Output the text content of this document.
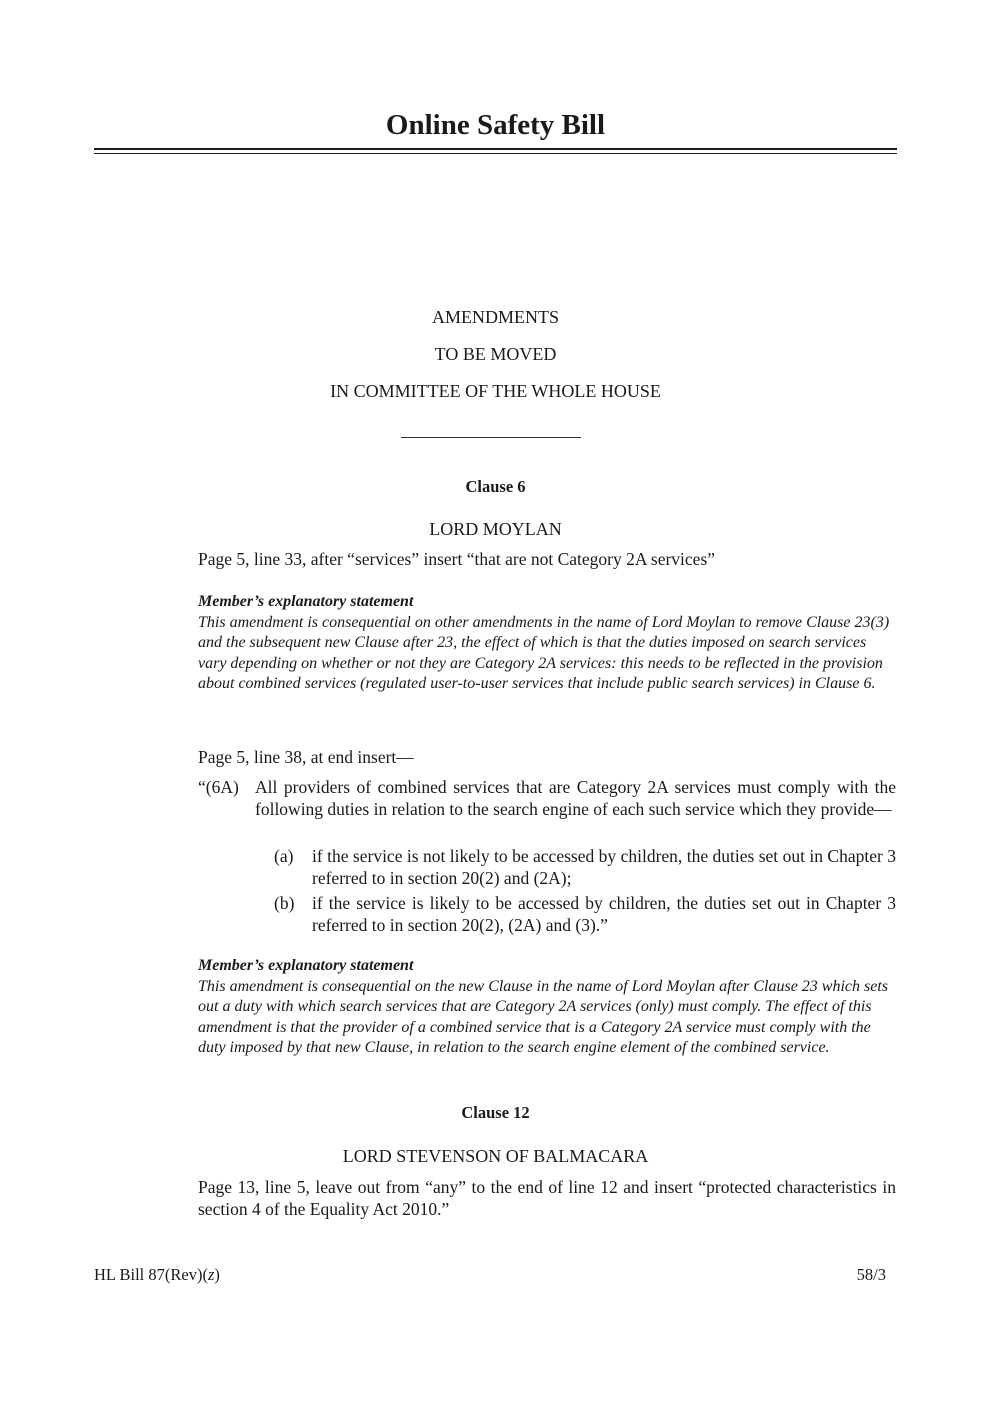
Online Safety Bill
AMENDMENTS
TO BE MOVED
IN COMMITTEE OF THE WHOLE HOUSE
Clause 6
LORD MOYLAN
Page 5, line 33, after “services” insert “that are not Category 2A services”
Member’s explanatory statement
This amendment is consequential on other amendments in the name of Lord Moylan to remove Clause 23(3) and the subsequent new Clause after 23, the effect of which is that the duties imposed on search services vary depending on whether or not they are Category 2A services: this needs to be reflected in the provision about combined services (regulated user-to-user services that include public search services) in Clause 6.
Page 5, line 38, at end insert—
“(6A) All providers of combined services that are Category 2A services must comply with the following duties in relation to the search engine of each such service which they provide—
(a) if the service is not likely to be accessed by children, the duties set out in Chapter 3 referred to in section 20(2) and (2A);
(b) if the service is likely to be accessed by children, the duties set out in Chapter 3 referred to in section 20(2), (2A) and (3).”
Member’s explanatory statement
This amendment is consequential on the new Clause in the name of Lord Moylan after Clause 23 which sets out a duty with which search services that are Category 2A services (only) must comply. The effect of this amendment is that the provider of a combined service that is a Category 2A service must comply with the duty imposed by that new Clause, in relation to the search engine element of the combined service.
Clause 12
LORD STEVENSON OF BALMACARA
Page 13, line 5, leave out from “any” to the end of line 12 and insert “protected characteristics in section 4 of the Equality Act 2010.”
HL Bill 87(Rev)(z)	58/3
